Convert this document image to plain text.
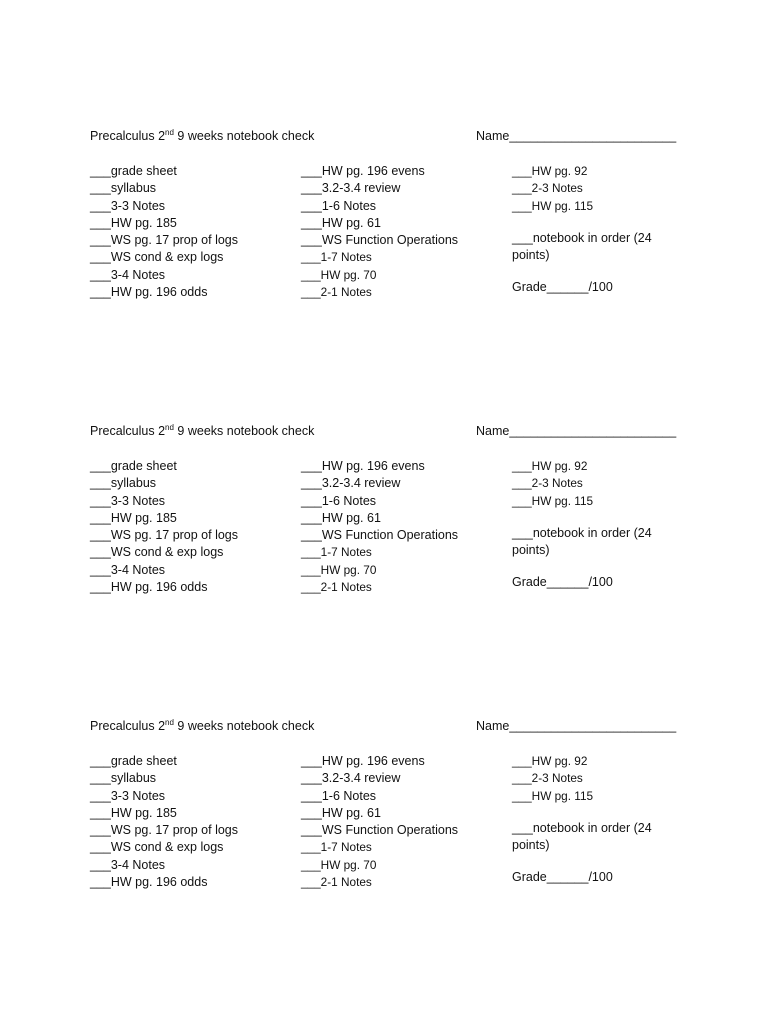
Precalculus 2nd 9 weeks notebook check	Name________________________
___grade sheet
___syllabus
___3-3 Notes
___HW pg. 185
___WS pg. 17 prop of logs
___WS cond & exp logs
___3-4 Notes
___HW pg. 196 odds
___HW pg. 196 evens
___3.2-3.4 review
___1-6 Notes
___HW pg. 61
___WS Function Operations
___1-7 Notes
___HW pg. 70
___2-1 Notes
___HW pg. 92
___2-3 Notes
___HW pg. 115
___notebook in order (24 points)
Grade______/100
Precalculus 2nd 9 weeks notebook check	Name________________________
___grade sheet
___syllabus
___3-3 Notes
___HW pg. 185
___WS pg. 17 prop of logs
___WS cond & exp logs
___3-4 Notes
___HW pg. 196 odds
___HW pg. 196 evens
___3.2-3.4 review
___1-6 Notes
___HW pg. 61
___WS Function Operations
___1-7 Notes
___HW pg. 70
___2-1 Notes
___HW pg. 92
___2-3 Notes
___HW pg. 115
___notebook in order (24 points)
Grade______/100
Precalculus 2nd 9 weeks notebook check	Name________________________
___grade sheet
___syllabus
___3-3 Notes
___HW pg. 185
___WS pg. 17 prop of logs
___WS cond & exp logs
___3-4 Notes
___HW pg. 196 odds
___HW pg. 196 evens
___3.2-3.4 review
___1-6 Notes
___HW pg. 61
___WS Function Operations
___1-7 Notes
___HW pg. 70
___2-1 Notes
___HW pg. 92
___2-3 Notes
___HW pg. 115
___notebook in order (24 points)
Grade______/100
